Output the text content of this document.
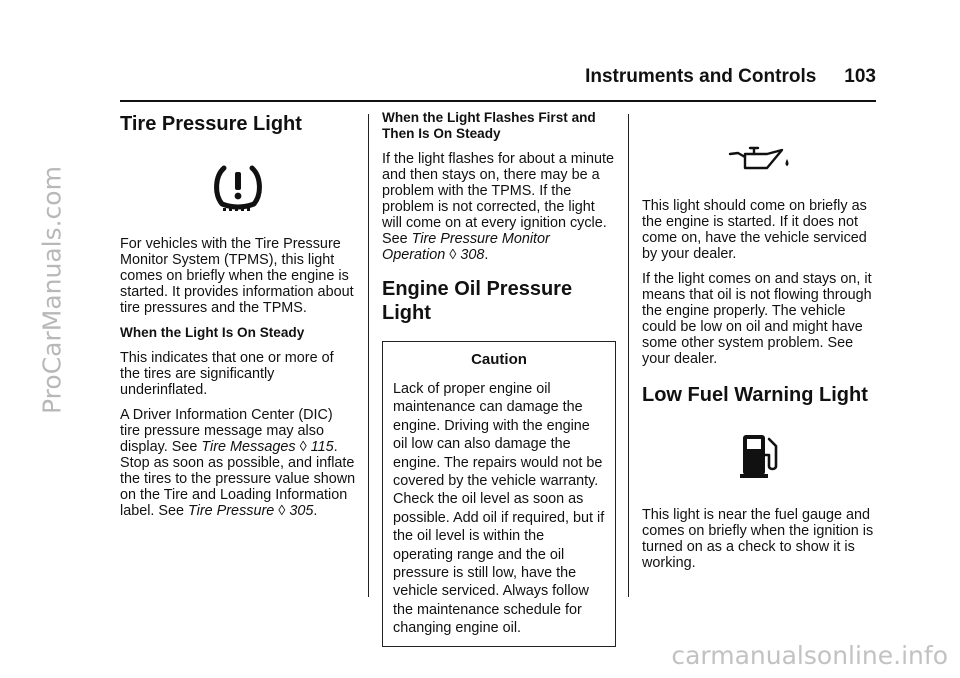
ProCarManuals.com
carmanualsonline.info
Instruments and Controls 103
Tire Pressure Light

For vehicles with the Tire Pressure Monitor System (TPMS), this light comes on briefly when the engine is started. It provides information about tire pressures and the TPMS.

When the Light Is On Steady

This indicates that one or more of the tires are significantly underinflated.

A Driver Information Center (DIC) tire pressure message may also display. See Tire Messages ◊ 115. Stop as soon as possible, and inflate the tires to the pressure value shown on the Tire and Loading Information label. See Tire Pressure ◊ 305.

When the Light Flashes First and Then Is On Steady

If the light flashes for about a minute and then stays on, there may be a problem with the TPMS. If the problem is not corrected, the light will come on at every ignition cycle. See Tire Pressure Monitor Operation ◊ 308.

Engine Oil Pressure Light
Caution

Lack of proper engine oil maintenance can damage the engine. Driving with the engine oil low can also damage the engine. The repairs would not be covered by the vehicle warranty. Check the oil level as soon as possible. Add oil if required, but if the oil level is within the operating range and the oil pressure is still low, have the vehicle serviced. Always follow the maintenance schedule for changing engine oil.

This light should come on briefly as the engine is started. If it does not come on, have the vehicle serviced by your dealer.

If the light comes on and stays on, it means that oil is not flowing through the engine properly. The vehicle could be low on oil and might have some other system problem. See your dealer.

Low Fuel Warning Light

This light is near the fuel gauge and comes on briefly when the ignition is turned on as a check to show it is working.
